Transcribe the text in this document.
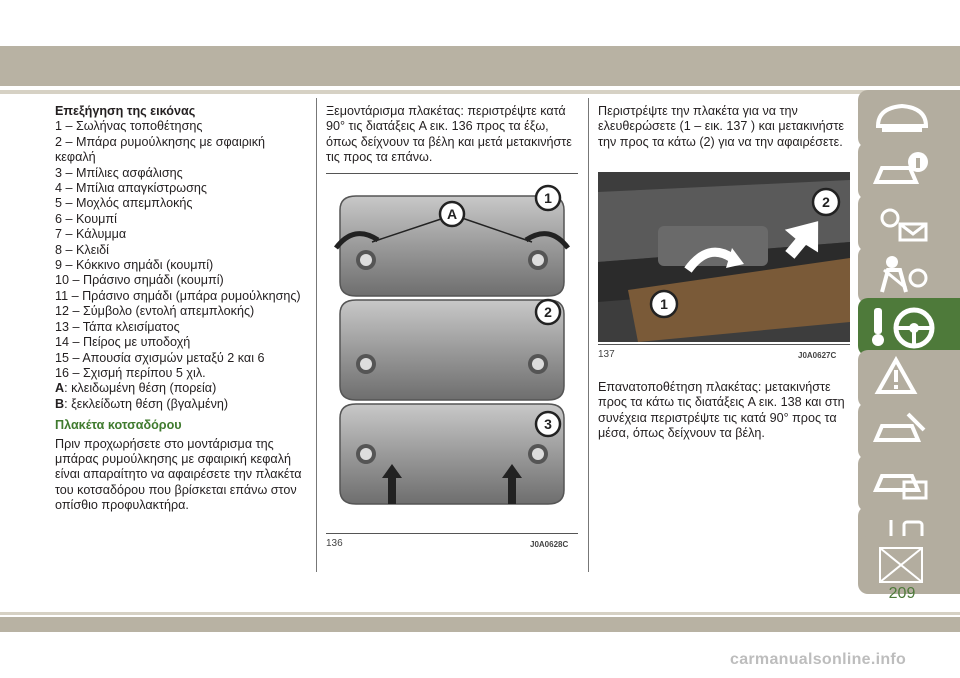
Επεξήγηση της εικόνας
1 – Σωλήνας τοποθέτησης
2 – Μπάρα ρυμούλκησης με σφαιρική κεφαλή
3 – Μπίλιες ασφάλισης
4 – Μπίλια απαγκίστρωσης
5 – Μοχλός απεμπλοκής
6 – Κουμπί
7 – Κάλυμμα
8 – Κλειδί
9 – Κόκκινο σημάδι (κουμπί)
10 – Πράσινο σημάδι (κουμπί)
11 – Πράσινο σημάδι (μπάρα ρυμούλκησης)
12 – Σύμβολο (εντολή απεμπλοκής)
13 – Τάπα κλεισίματος
14 – Πείρος με υποδοχή
15 – Απουσία σχισμών μεταξύ 2 και 6
16 – Σχισμή περίπου 5 χιλ.
A: κλειδωμένη θέση (πορεία)
B: ξεκλείδωτη θέση (βγαλμένη)
Πλακέτα κοτσαδόρου
Πριν προχωρήσετε στο μοντάρισμα της μπάρας ρυμούλκησης με σφαιρική κεφαλή είναι απαραίτητο να αφαιρέσετε την πλακέτα του κοτσαδόρου που βρίσκεται επάνω στον οπίσθιο προφυλακτήρα.
Ξεμοντάρισμα πλακέτας: περιστρέψτε κατά 90° τις διατάξεις A εικ. 136 προς τα έξω, όπως δείχνουν τα βέλη και μετά μετακινήστε τις προς τα επάνω.
A
1
2
3
136	J0A0628C
Περιστρέψτε την πλακέτα για να την ελευθερώσετε (1 – εικ. 137 ) και μετακινήστε την προς τα κάτω (2) για να την αφαιρέσετε.
1
2
137	J0A0627C
Επανατοποθέτηση πλακέτας: μετακινήστε προς τα κάτω τις διατάξεις A εικ. 138 και στη συνέχεια περιστρέψτε τις κατά 90° προς τα μέσα, όπως δείχνουν τα βέλη.
209
carmanualsonline.info
